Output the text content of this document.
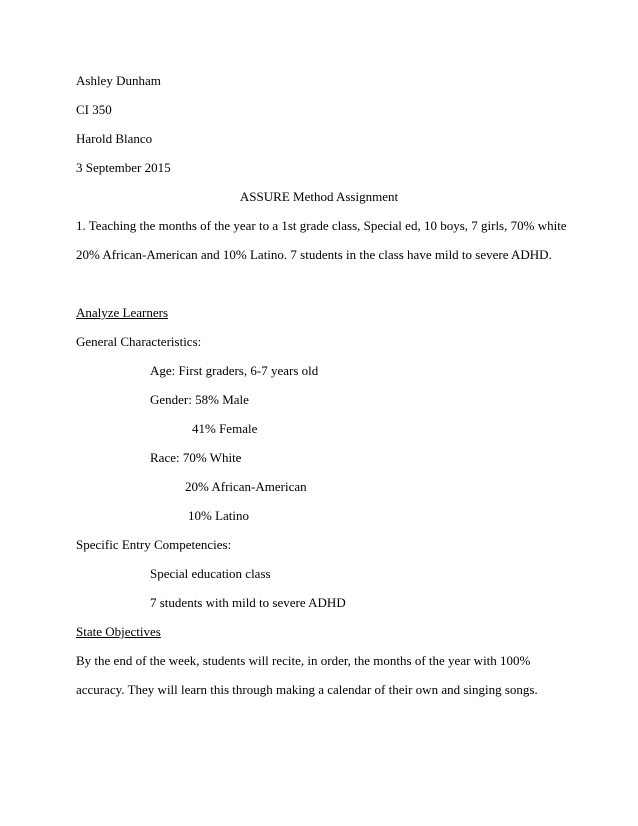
Ashley Dunham

CI 350

Harold Blanco

3 September 2015

ASSURE Method Assignment

1. Teaching the months of the year to a 1st grade class, Special ed, 10 boys, 7 girls, 70% white

20% African-American and 10% Latino. 7 students in the class have mild to severe ADHD.

Analyze Learners

General Characteristics:

Age: First graders, 6-7 years old

Gender: 58% Male

41% Female

Race: 70% White

20% African-American

10% Latino

Specific Entry Competencies:

Special education class

7 students with mild to severe ADHD

State Objectives

By the end of the week, students will recite, in order, the months of the year with 100%

accuracy. They will learn this through making a calendar of their own and singing songs.
